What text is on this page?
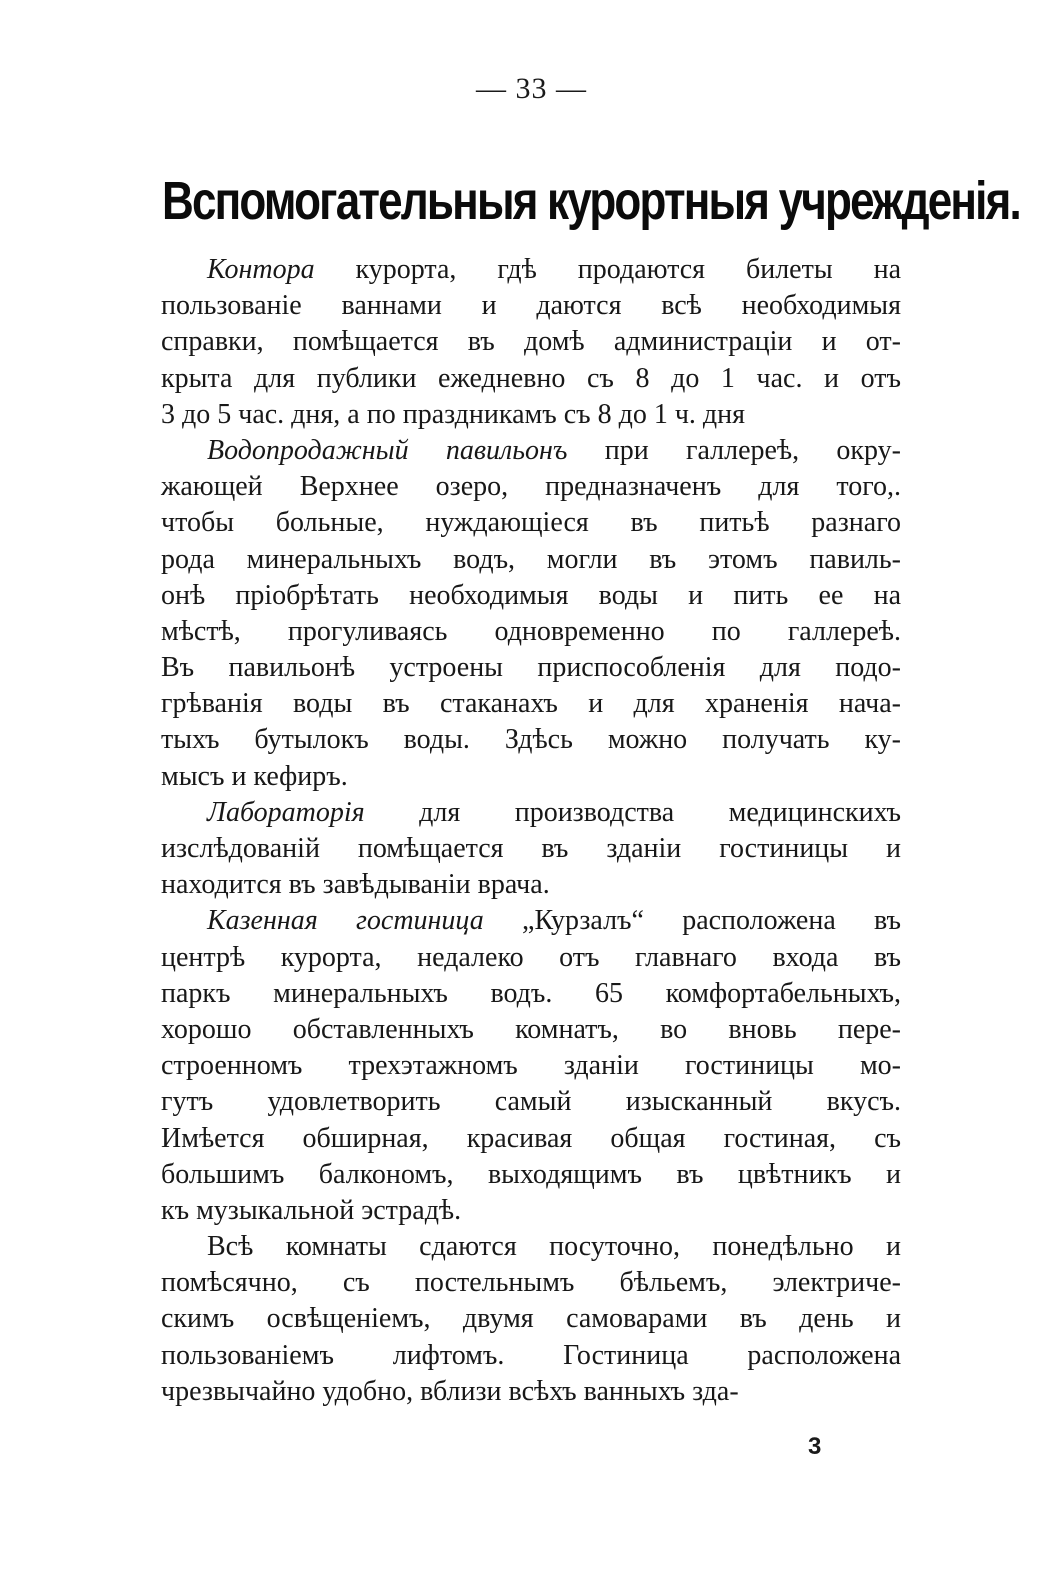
— 33 —
Вспомогательныя курортныя учрежденія.
Контора курорта, гдѣ продаются билеты на
пользованіе ваннами и даются всѣ необходимыя
справки, помѣщается въ домѣ администраціи и от-
крыта для публики ежедневно съ 8 до 1 час. и отъ
3 до 5 час. дня, а по праздникамъ съ 8 до 1 ч. дня
Водопродажный павильонъ при галлереѣ, окру-
жающей Верхнее озеро, предназначенъ для того,.
чтобы больные, нуждающіеся въ питьѣ разнаго
рода минеральныхъ водъ, могли въ этомъ павиль-
онѣ пріобрѣтать необходимыя воды и пить ее на
мѣстѣ, прогуливаясь одновременно по галлереѣ.
Въ павильонѣ устроены приспособленія для подо-
грѣванія воды въ стаканахъ и для храненія нача-
тыхъ бутылокъ воды. Здѣсь можно получать ку-
мысъ и кефиръ.
Лабораторія для производства медицинскихъ
изслѣдованій помѣщается въ зданіи гостиницы и
находится въ завѣдываніи врача.
Казенная гостиница „Курзалъ“ расположена въ
центрѣ курорта, недалеко отъ главнаго входа въ
паркъ минеральныхъ водъ. 65 комфортабельныхъ,
хорошо обставленныхъ комнатъ, во вновь пере-
строенномъ трехэтажномъ зданіи гостиницы мо-
гутъ удовлетворить самый изысканный вкусъ.
Имѣется обширная, красивая общая гостиная, съ
большимъ балкономъ, выходящимъ въ цвѣтникъ и
къ музыкальной эстрадѣ.
Всѣ комнаты сдаются посуточно, понедѣльно и
помѣсячно, съ постельнымъ бѣльемъ, электриче-
скимъ освѣщеніемъ, двумя самоварами въ день и
пользованіемъ лифтомъ. Гостиница расположена
чрезвычайно удобно, вблизи всѣхъ ванныхъ зда-
3
